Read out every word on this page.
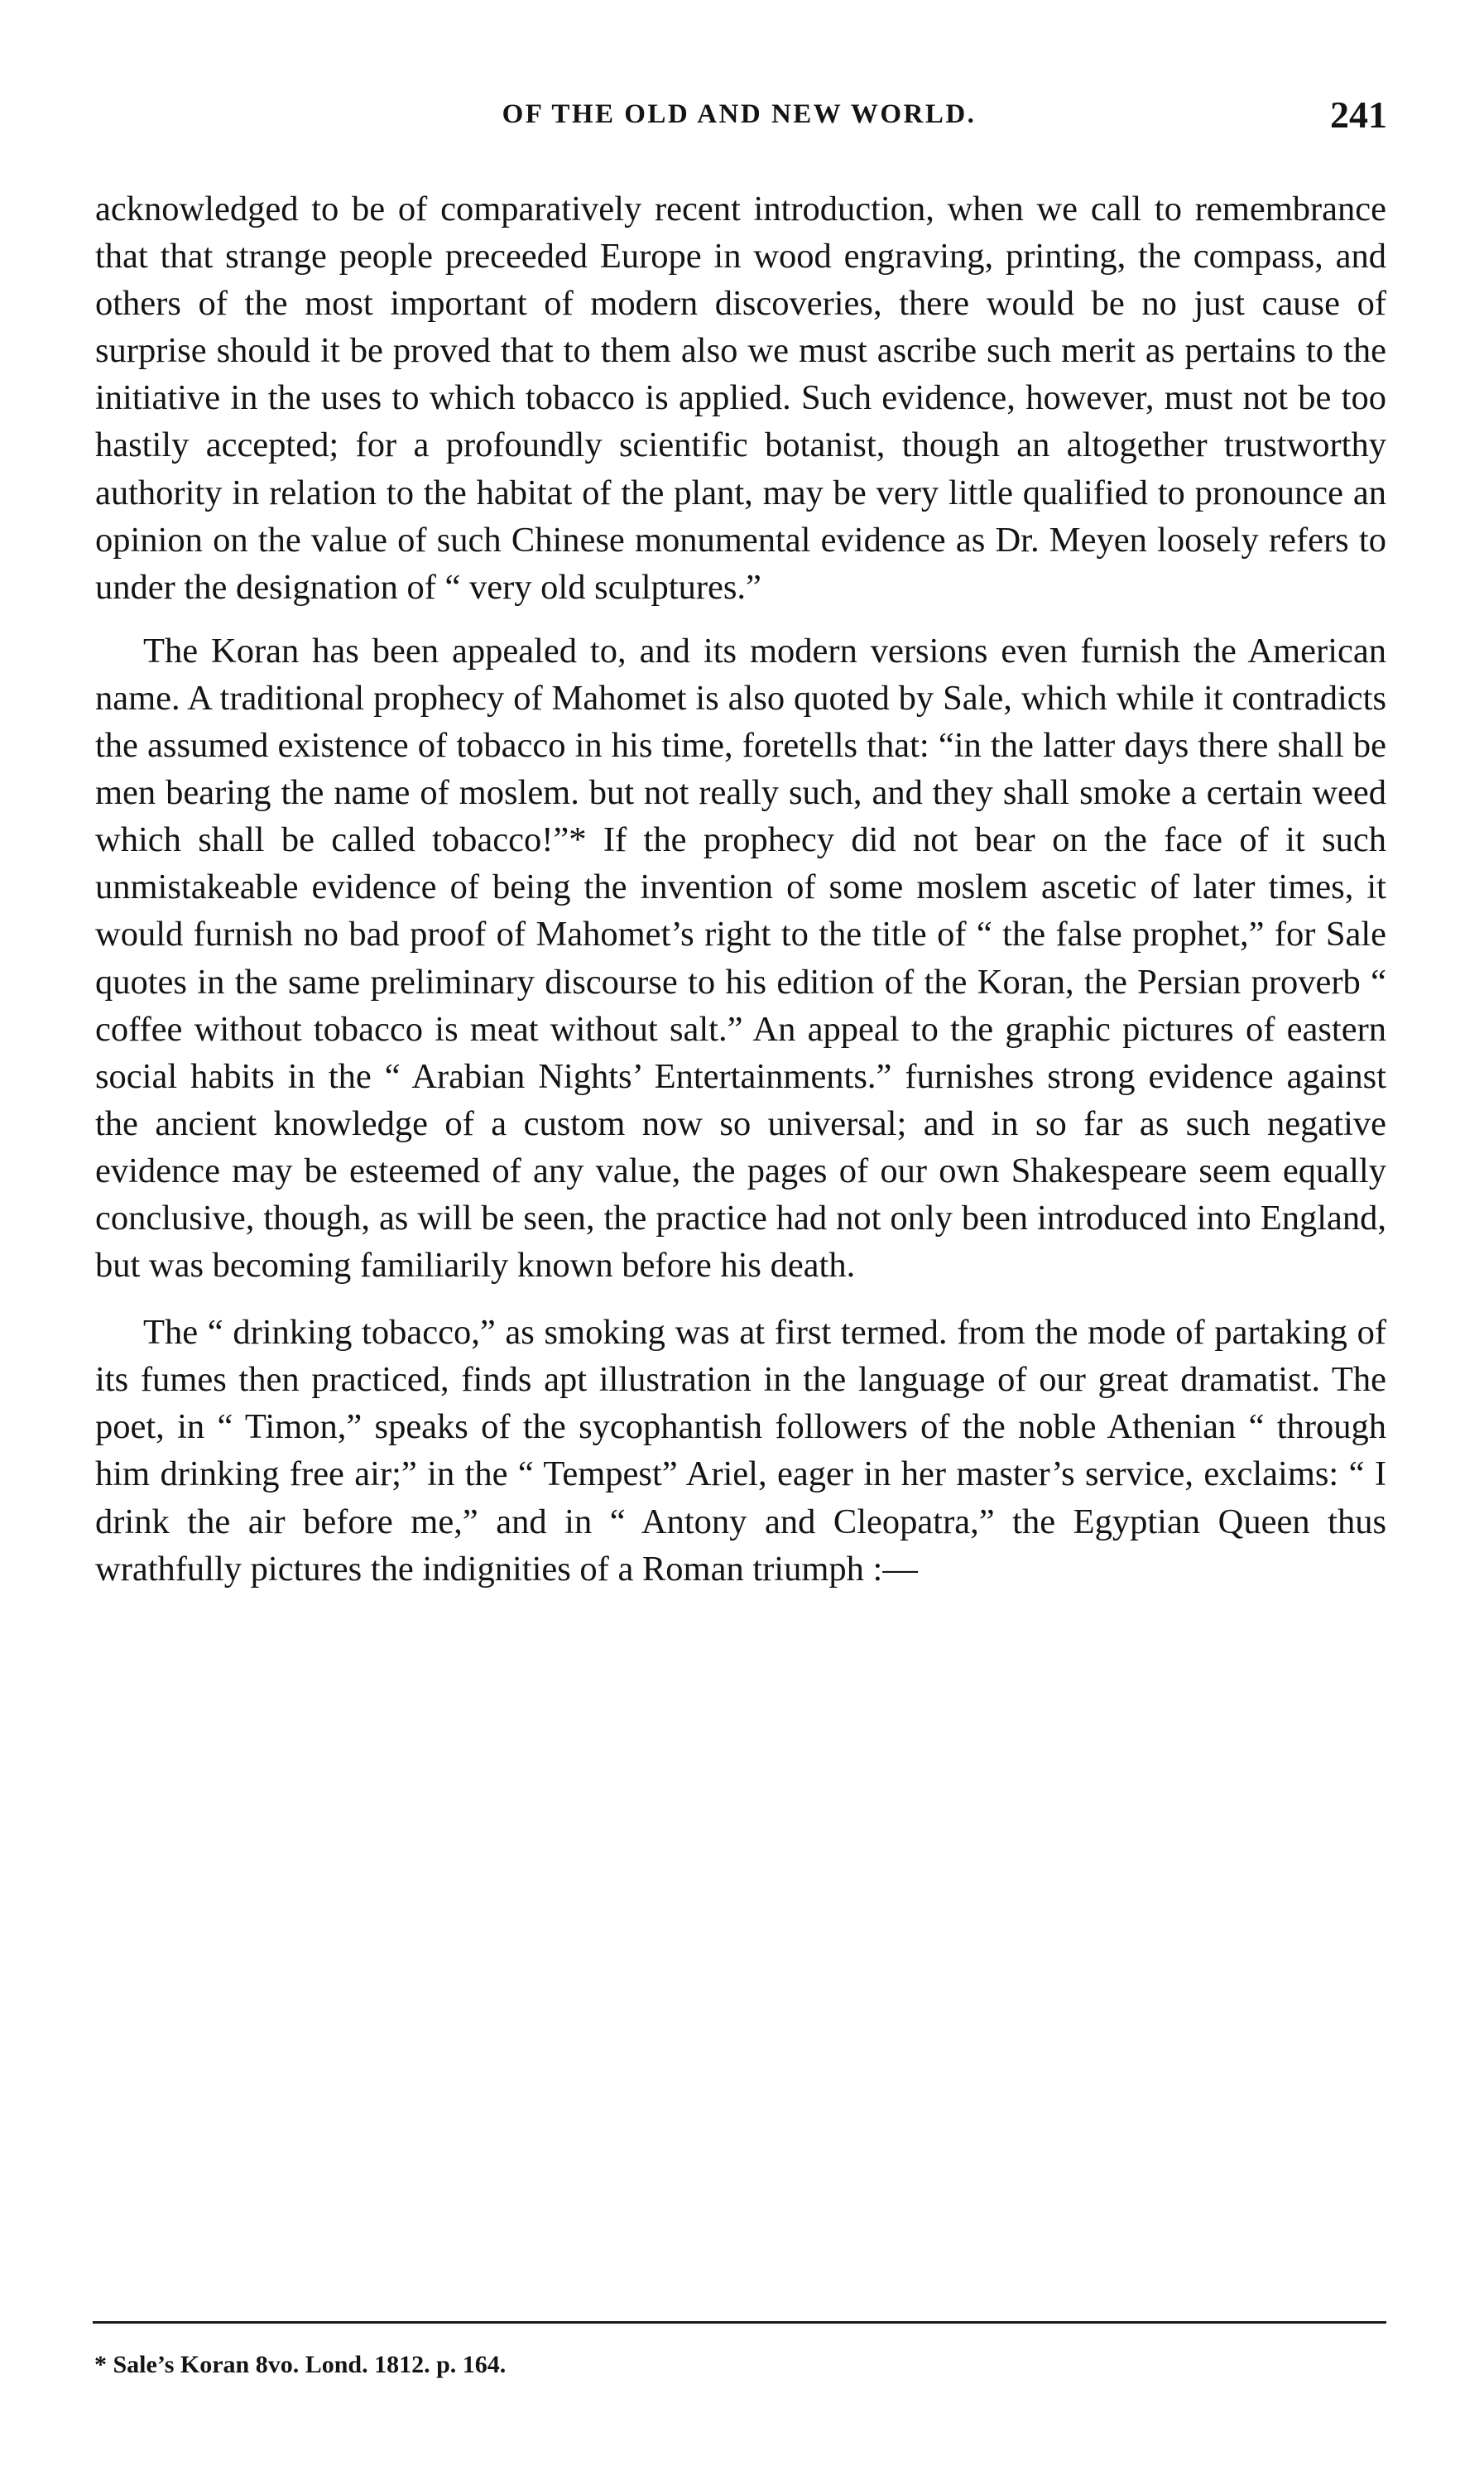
OF THE OLD AND NEW WORLD.	241

acknowledged to be of comparatively recent introduction, when we call to remembrance that that strange people preceeded Europe in wood engraving, printing, the compass, and others of the most important of modern discoveries, there would be no just cause of surprise should it be proved that to them also we must ascribe such merit as pertains to the initiative in the uses to which tobacco is applied. Such evidence, however, must not be too hastily accepted; for a profoundly scientific botanist, though an altogether trustworthy authority in relation to the habitat of the plant, may be very little qualified to pronounce an opinion on the value of such Chinese monumental evidence as Dr. Meyen loosely refers to under the designation of “ very old sculptures.”

The Koran has been appealed to, and its modern versions even furnish the American name. A traditional prophecy of Mahomet is also quoted by Sale, which while it contradicts the assumed existence of tobacco in his time, foretells that: “in the latter days there shall be men bearing the name of moslem. but not really such, and they shall smoke a certain weed which shall be called tobacco!”* If the prophecy did not bear on the face of it such unmistakeable evidence of being the invention of some moslem ascetic of later times, it would furnish no bad proof of Mahomet’s right to the title of “ the false prophet,” for Sale quotes in the same preliminary discourse to his edition of the Koran, the Persian proverb “ coffee without tobacco is meat without salt.” An appeal to the graphic pictures of eastern social habits in the “ Arabian Nights’ Entertainments.” furnishes strong evidence against the ancient knowledge of a custom now so universal; and in so far as such negative evidence may be esteemed of any value, the pages of our own Shakespeare seem equally conclusive, though, as will be seen, the practice had not only been introduced into England, but was becoming familiarily known before his death.

The “ drinking tobacco,” as smoking was at first termed. from the mode of partaking of its fumes then practiced, finds apt illustration in the language of our great dramatist. The poet, in “ Timon,” speaks of the sycophantish followers of the noble Athenian “ through him drinking free air;” in the “ Tempest” Ariel, eager in her master’s service, exclaims: “ I drink the air before me,” and in “ Antony and Cleopatra,” the Egyptian Queen thus wrathfully pictures the indignities of a Roman triumph :—

* Sale’s Koran 8vo. Lond. 1812. p. 164.
